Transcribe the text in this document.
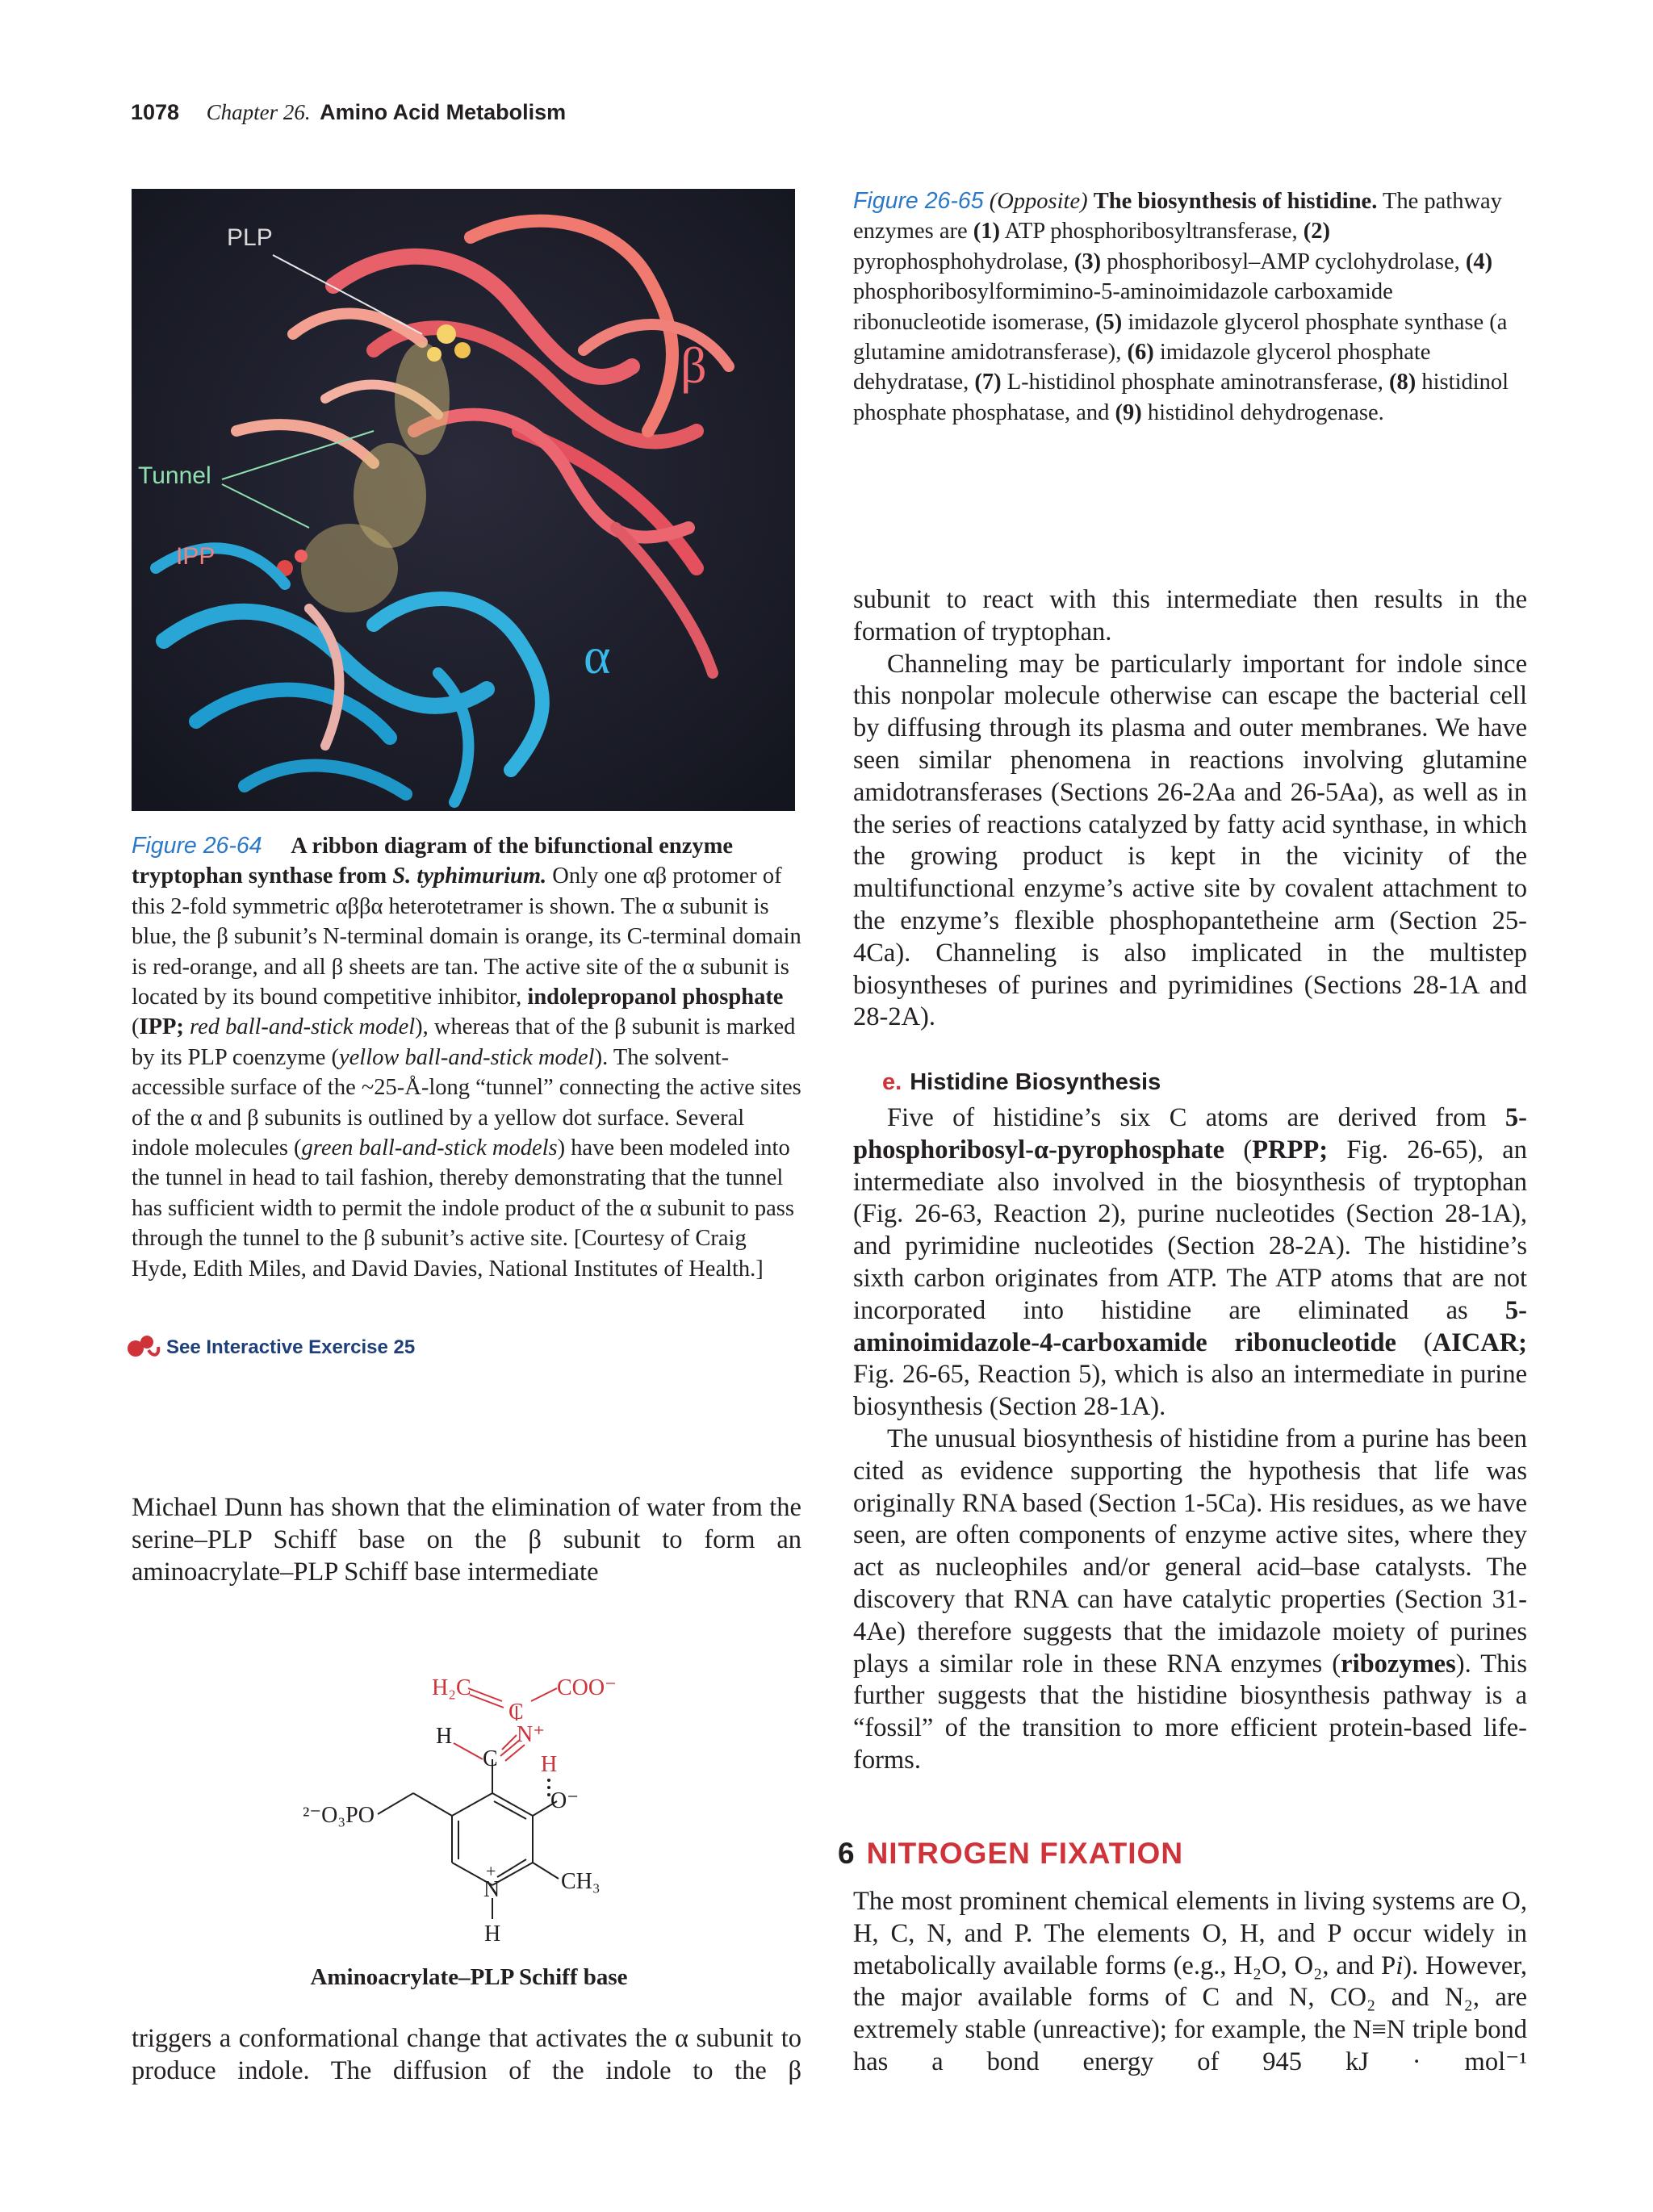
1078 Chapter 26. Amino Acid Metabolism
PLP
β
Tunnel
IPP
α

Figure 26-64   A ribbon diagram of the bifunctional enzyme tryptophan synthase from S. typhimurium. Only one αβ protomer of this 2-fold symmetric αββα heterotetramer is shown. The α subunit is blue, the β subunit’s N-terminal domain is orange, its C-terminal domain is red-orange, and all β sheets are tan. The active site of the α subunit is located by its bound competitive inhibitor, indolepropanol phosphate (IPP; red ball-and-stick model), whereas that of the β subunit is marked by its PLP coenzyme (yellow ball-and-stick model). The solvent-accessible surface of the ~25-Å-long “tunnel” connecting the active sites of the α and β subunits is outlined by a yellow dot surface. Several indole molecules (green ball-and-stick models) have been modeled into the tunnel in head to tail fashion, thereby demonstrating that the tunnel has sufficient width to permit the indole product of the α subunit to pass through the tunnel to the β subunit’s active site. [Courtesy of Craig Hyde, Edith Miles, and David Davies, National Institutes of Health.]

See Interactive Exercise 25

Michael Dunn has shown that the elimination of water from the serine–PLP Schiff base on the β subunit to form an aminoacrylate–PLP Schiff base intermediate

H₂C	COO⁻
C
N⁺
H
C H
O⁻
²⁻O₃PO
N
+	CH₃
H
Aminoacrylate–PLP Schiff base

triggers a conformational change that activates the α subunit to produce indole. The diffusion of the indole to the β

Figure 26-65 (Opposite) The biosynthesis of histidine. The pathway enzymes are (1) ATP phosphoribosyltransferase, (2) pyrophosphohydrolase, (3) phosphoribosyl–AMP cyclohydrolase, (4) phosphoribosylformimino-5-aminoimidazole carboxamide ribonucleotide isomerase, (5) imidazole glycerol phosphate synthase (a glutamine amidotransferase), (6) imidazole glycerol phosphate dehydratase, (7) L-histidinol phosphate aminotransferase, (8) histidinol phosphate phosphatase, and (9) histidinol dehydrogenase.

subunit to react with this intermediate then results in the formation of tryptophan.

Channeling may be particularly important for indole since this nonpolar molecule otherwise can escape the bacterial cell by diffusing through its plasma and outer membranes. We have seen similar phenomena in reactions involving glutamine amidotransferases (Sections 26-2Aa and 26-5Aa), as well as in the series of reactions catalyzed by fatty acid synthase, in which the growing product is kept in the vicinity of the multifunctional enzyme’s active site by covalent attachment to the enzyme’s flexible phosphopantetheine arm (Section 25-4Ca). Channeling is also implicated in the multistep biosyntheses of purines and pyrimidines (Sections 28-1A and 28-2A).

e. Histidine Biosynthesis

Five of histidine’s six C atoms are derived from 5-phosphoribosyl-α-pyrophosphate (PRPP; Fig. 26-65), an intermediate also involved in the biosynthesis of tryptophan (Fig. 26-63, Reaction 2), purine nucleotides (Section 28-1A), and pyrimidine nucleotides (Section 28-2A). The histidine’s sixth carbon originates from ATP. The ATP atoms that are not incorporated into histidine are eliminated as 5-aminoimidazole-4-carboxamide ribonucleotide (AICAR; Fig. 26-65, Reaction 5), which is also an intermediate in purine biosynthesis (Section 28-1A).

The unusual biosynthesis of histidine from a purine has been cited as evidence supporting the hypothesis that life was originally RNA based (Section 1-5Ca). His residues, as we have seen, are often components of enzyme active sites, where they act as nucleophiles and/or general acid–base catalysts. The discovery that RNA can have catalytic properties (Section 31-4Ae) therefore suggests that the imidazole moiety of purines plays a similar role in these RNA enzymes (ribozymes). This further suggests that the histidine biosynthesis pathway is a “fossil” of the transition to more efficient protein-based life-forms.

6 NITROGEN FIXATION

The most prominent chemical elements in living systems are O, H, C, N, and P. The elements O, H, and P occur widely in metabolically available forms (e.g., H₂O, O₂, and Pi). However, the major available forms of C and N, CO₂ and N₂, are extremely stable (unreactive); for example, the N≡N triple bond has a bond energy of 945 kJ · mol⁻¹
